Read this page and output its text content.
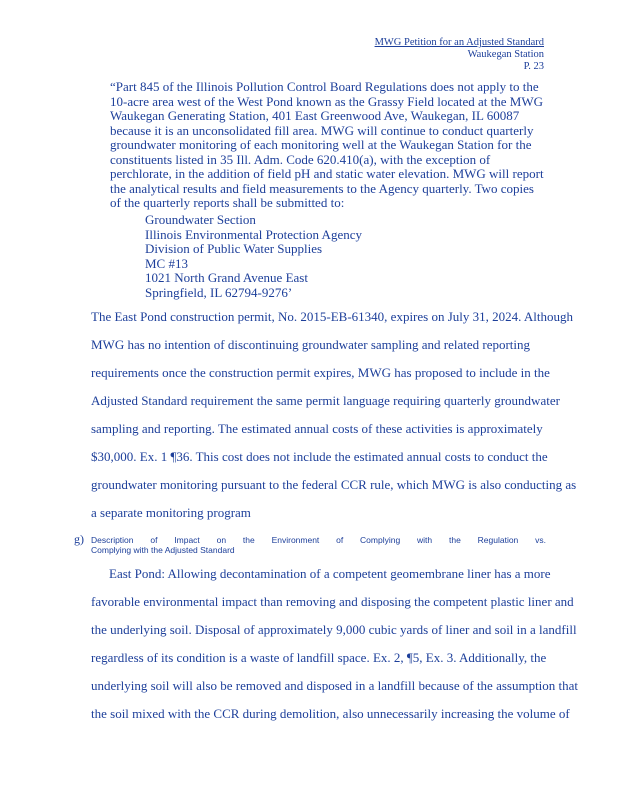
MWG Petition for an Adjusted Standard
Waukegan Station
P. 23
“Part 845 of the Illinois Pollution Control Board Regulations does not apply to the
10-acre area west of the West Pond known as the Grassy Field located at the MWG
Waukegan Generating Station, 401 East Greenwood Ave, Waukegan, IL 60087
because it is an unconsolidated fill area. MWG will continue to conduct quarterly
groundwater monitoring of each monitoring well at the Waukegan Station for the
constituents listed in 35 Ill. Adm. Code 620.410(a), with the exception of
perchlorate, in the addition of field pH and static water elevation. MWG will report
the analytical results and field measurements to the Agency quarterly. Two copies
of the quarterly reports shall be submitted to:
Groundwater Section
Illinois Environmental Protection Agency
Division of Public Water Supplies
MC #13
1021 North Grand Avenue East
Springfield, IL 62794-9276’
The East Pond construction permit, No. 2015-EB-61340, expires on July 31, 2024. Although
MWG has no intention of discontinuing groundwater sampling and related reporting
requirements once the construction permit expires, MWG has proposed to include in the
Adjusted Standard requirement the same permit language requiring quarterly groundwater
sampling and reporting. The estimated annual costs of these activities is approximately
$30,000. Ex. 1 ¶36. This cost does not include the estimated annual costs to conduct the
groundwater monitoring pursuant to the federal CCR rule, which MWG is also conducting as
a separate monitoring program
g) Description of Impact on the Environment of Complying with the Regulation vs.
Complying with the Adjusted Standard
East Pond: Allowing decontamination of a competent geomembrane liner has a more
favorable environmental impact than removing and disposing the competent plastic liner and
the underlying soil. Disposal of approximately 9,000 cubic yards of liner and soil in a landfill
regardless of its condition is a waste of landfill space. Ex. 2, ¶5, Ex. 3. Additionally, the
underlying soil will also be removed and disposed in a landfill because of the assumption that
the soil mixed with the CCR during demolition, also unnecessarily increasing the volume of
